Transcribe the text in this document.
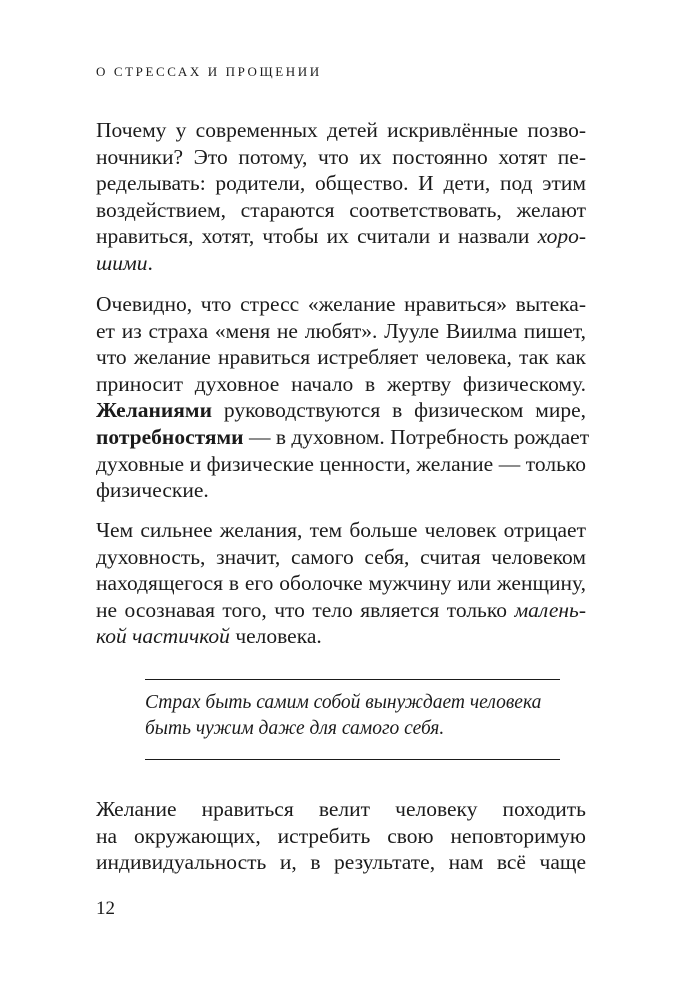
О СТРЕССАХ И ПРОЩЕНИИ
Почему у современных детей искривлённые позво-
ночники? Это потому, что их постоянно хотят пе-
ределывать: родители, общество. И дети, под этим
воздействием, стараются соответствовать, желают
нравиться, хотят, чтобы их считали и назвали хоро-
шими.
Очевидно, что стресс «желание нравиться» вытека-
ет из страха «меня не любят». Лууле Виилма пишет,
что желание нравиться истребляет человека, так как
приносит духовное начало в жертву физическому.
Желаниями руководствуются в физическом мире,
потребностями — в духовном. Потребность рождает
духовные и физические ценности, желание — только
физические.
Чем сильнее желания, тем больше человек отрицает
духовность, значит, самого себя, считая человеком
находящегося в его оболочке мужчину или женщину,
не осознавая того, что тело является только малень-
кой частичкой человека.
Страх быть самим собой вынуждает человека
быть чужим даже для самого себя.
Желание нравиться велит человеку походить
на окружающих, истребить свою неповторимую
индивидуальность и, в результате, нам всё чаще
12
